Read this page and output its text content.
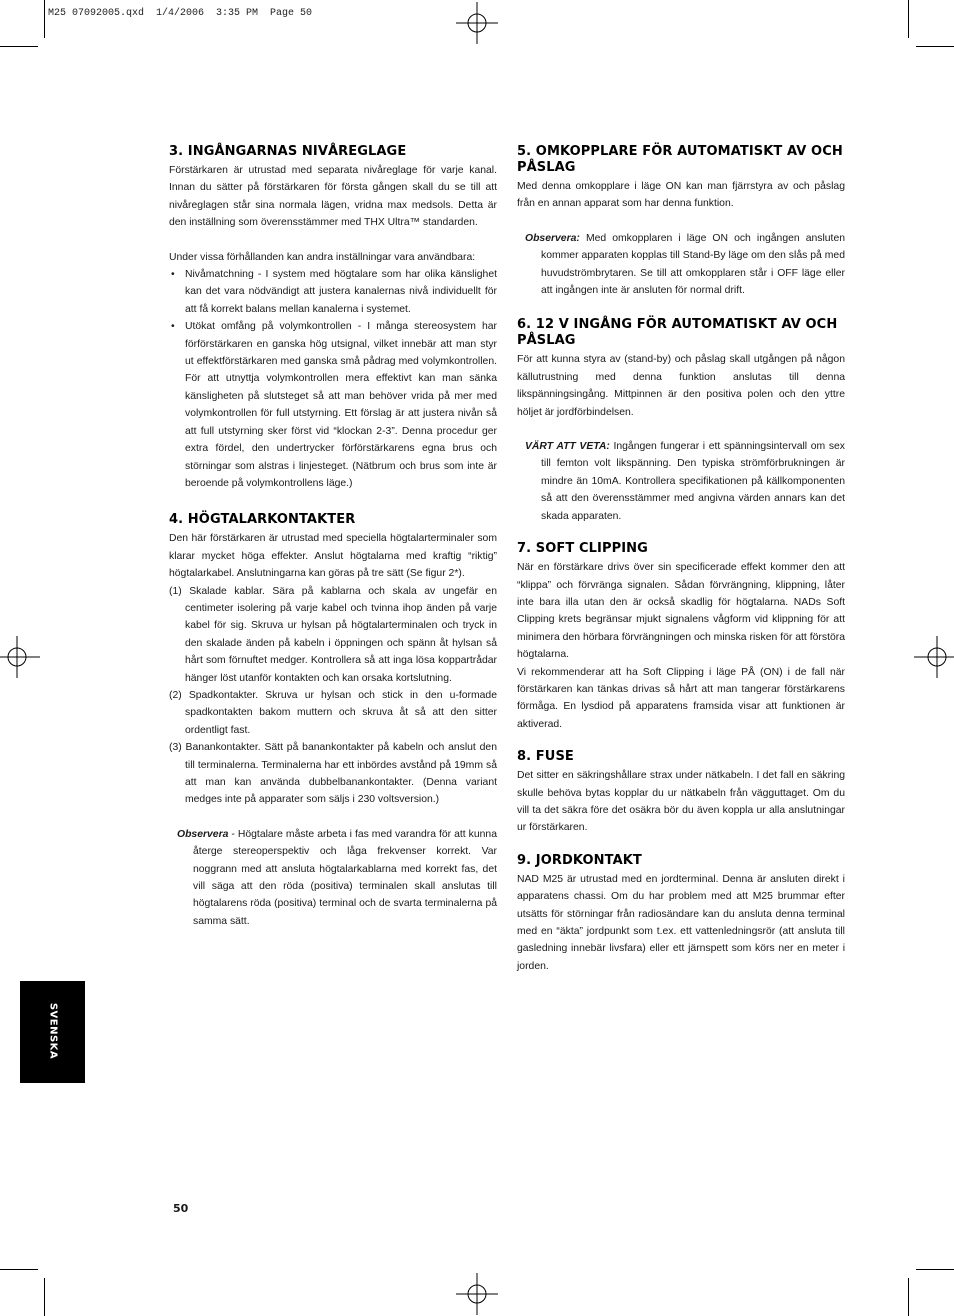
M25 07092005.qxd  1/4/2006  3:35 PM  Page 50
3. INGÅNGARNAS NIVÅREGLAGE

Förstärkaren är utrustad med separata nivåreglage för varje kanal. Innan du sätter på förstärkaren för första gången skall du se till att nivåreglagen står sina normala lägen, vridna max medsols. Detta är den inställning som överensstämmer med THX Ultra™ standarden.

Under vissa förhållanden kan andra inställningar vara användbara:

• Nivåmatchning - I system med högtalare som har olika känslighet kan det vara nödvändigt att justera kanalernas nivå individuellt för att få korrekt balans mellan kanalerna i systemet.
• Utökat omfång på volymkontrollen - I många stereosystem har förförstärkaren en ganska hög utsignal, vilket innebär att man styr ut effektförstärkaren med ganska små pådrag med volymkontrollen. För att utnyttja volymkontrollen mera effektivt kan man sänka känsligheten på slutsteget så att man behöver vrida på mer med volymkontrollen för full utstyrning. Ett förslag är att justera nivån så att full utstyrning sker först vid “klockan 2-3”. Denna procedur ger extra fördel, den undertrycker förförstärkarens egna brus och störningar som alstras i linjesteget. (Nätbrum och brus som inte är beroende på volymkontrollens läge.)
4. HÖGTALARKONTAKTER

Den här förstärkaren är utrustad med speciella högtalarterminaler som klarar mycket höga effekter. Anslut högtalarna med kraftig “riktig” högtalarkabel. Anslutningarna kan göras på tre sätt (Se figur 2*).

(1) Skalade kablar. Sära på kablarna och skala av ungefär en centimeter isolering på varje kabel och tvinna ihop änden på varje kabel för sig. Skruva ur hylsan på högtalarterminalen och tryck in den skalade änden på kabeln i öppningen och spänn åt hylsan så hårt som förnuftet medger. Kontrollera så att inga lösa koppartrådar hänger löst utanför kontakten och kan orsaka kortslutning.
(2) Spadkontakter. Skruva ur hylsan och stick in den u-formade spadkontakten bakom muttern och skruva åt så att den sitter ordentligt fast.
(3) Banankontakter. Sätt på banankontakter på kabeln och anslut den till terminalerna. Terminalerna har ett inbördes avstånd på 19mm så att man kan använda dubbelbanankontakter. (Denna variant medges inte på apparater som säljs i 230 voltsversion.)
Observera - Högtalare måste arbeta i fas med varandra för att kunna återge stereoperspektiv och låga frekvenser korrekt. Var noggrann med att ansluta högtalarkablarna med korrekt fas, det vill säga att den röda (positiva) terminalen skall anslutas till högtalarens röda (positiva) terminal och de svarta terminalerna på samma sätt.
5. OMKOPPLARE FÖR AUTOMATISKT AV OCH PÅSLAG

Med denna omkopplare i läge ON kan man fjärrstyra av och påslag från en annan apparat som har denna funktion.

Observera: Med omkopplaren i läge ON och ingången ansluten kommer apparaten kopplas till Stand-By läge om den slås på med huvudströmbrytaren. Se till att omkopplaren står i OFF läge eller att ingången inte är ansluten för normal drift.
6. 12 V INGÅNG FÖR AUTOMATISKT AV OCH PÅSLAG

För att kunna styra av (stand-by) och påslag skall utgången på någon källutrustning med denna funktion anslutas till denna likspänningsingång. Mittpinnen är den positiva polen och den yttre höljet är jordförbindelsen.

VÄRT ATT VETA: Ingången fungerar i ett spänningsintervall om sex till femton volt likspänning. Den typiska strömförbrukningen är mindre än 10mA. Kontrollera specifikationen på källkomponenten så att den överensstämmer med angivna värden annars kan det skada apparaten.
7. SOFT CLIPPING

När en förstärkare drivs över sin specificerade effekt kommer den att “klippa” och förvränga signalen. Sådan förvrängning, klippning, låter inte bara illa utan den är också skadlig för högtalarna. NADs Soft Clipping krets begränsar mjukt signalens vågform vid klippning för att minimera den hörbara förvrängningen och minska risken för att förstöra högtalarna.

Vi rekommenderar att ha Soft Clipping i läge PÅ (ON) i de fall när förstärkaren kan tänkas drivas så hårt att man tangerar förstärkarens förmåga. En lysdiod på apparatens framsida visar att funktionen är aktiverad.

8. FUSE

Det sitter en säkringshållare strax under nätkabeln. I det fall en säkring skulle behöva bytas kopplar du ur nätkabeln från vägguttaget. Om du vill ta det säkra före det osäkra bör du även koppla ur alla anslutningar ur förstärkaren.

9. JORDKONTAKT

NAD M25 är utrustad med en jordterminal. Denna är ansluten direkt i apparatens chassi. Om du har problem med att M25 brummar efter utsätts för störningar från radiosändare kan du ansluta denna terminal med en “äkta” jordpunkt som t.ex. ett vattenledningsrör (att ansluta till gasledning innebär livsfara) eller ett järnspett som körs ner en meter i jorden.

SVENSKA
50
